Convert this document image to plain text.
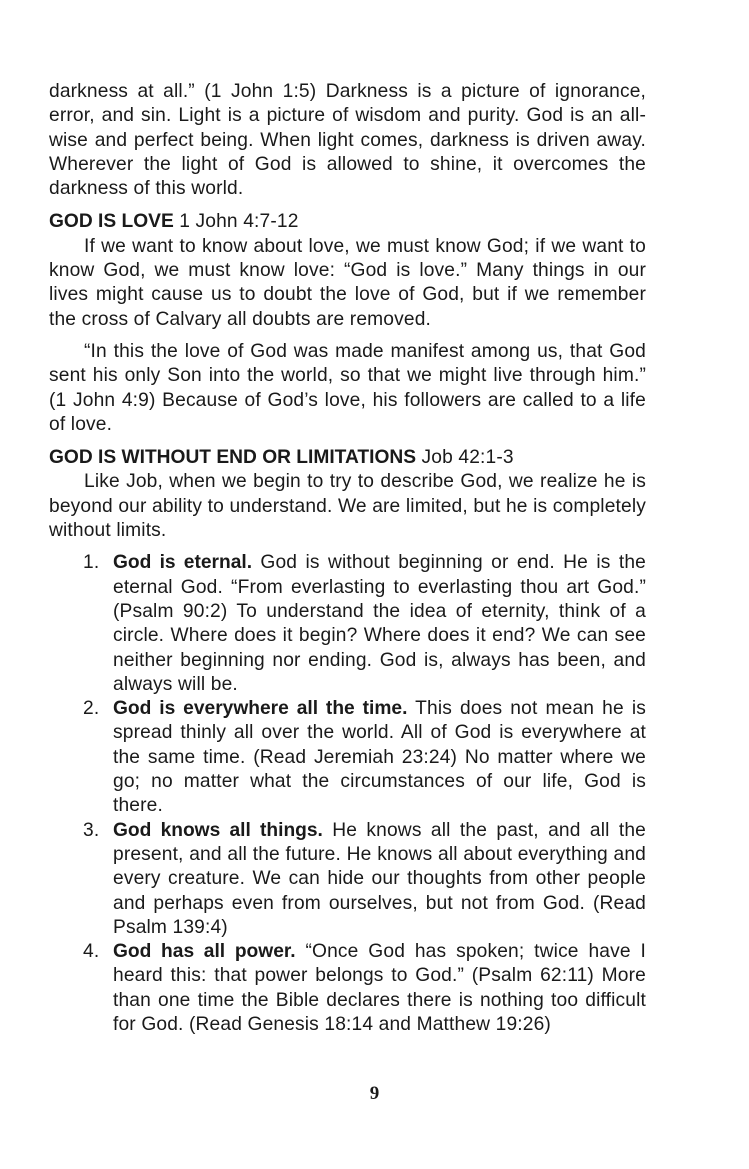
darkness at all.” (1 John 1:5) Darkness is a picture of ignorance, error, and sin. Light is a picture of wisdom and purity. God is an all-wise and perfect being. When light comes, darkness is driven away. Wherever the light of God is allowed to shine, it overcomes the darkness of this world.

GOD IS LOVE 1 John 4:7-12

If we want to know about love, we must know God; if we want to know God, we must know love: “God is love.” Many things in our lives might cause us to doubt the love of God, but if we remember the cross of Calvary all doubts are removed.

“In this the love of God was made manifest among us, that God sent his only Son into the world, so that we might live through him.” (1 John 4:9) Because of God’s love, his followers are called to a life of love.

GOD IS WITHOUT END OR LIMITATIONS Job 42:1-3

Like Job, when we begin to try to describe God, we realize he is beyond our ability to understand. We are limited, but he is completely without limits.

1. God is eternal. God is without beginning or end. He is the eternal God. “From everlasting to everlasting thou art God.” (Psalm 90:2) To understand the idea of eternity, think of a circle. Where does it begin? Where does it end? We can see neither beginning nor ending. God is, always has been, and always will be.
2. God is everywhere all the time. This does not mean he is spread thinly all over the world. All of God is everywhere at the same time. (Read Jeremiah 23:24) No matter where we go; no matter what the circumstances of our life, God is there.
3. God knows all things. He knows all the past, and all the present, and all the future. He knows all about everything and every creature. We can hide our thoughts from other people and perhaps even from ourselves, but not from God. (Read Psalm 139:4)
4. God has all power. “Once God has spoken; twice have I heard this: that power belongs to God.” (Psalm 62:11) More than one time the Bible declares there is nothing too difficult for God. (Read Genesis 18:14 and Matthew 19:26)
9
